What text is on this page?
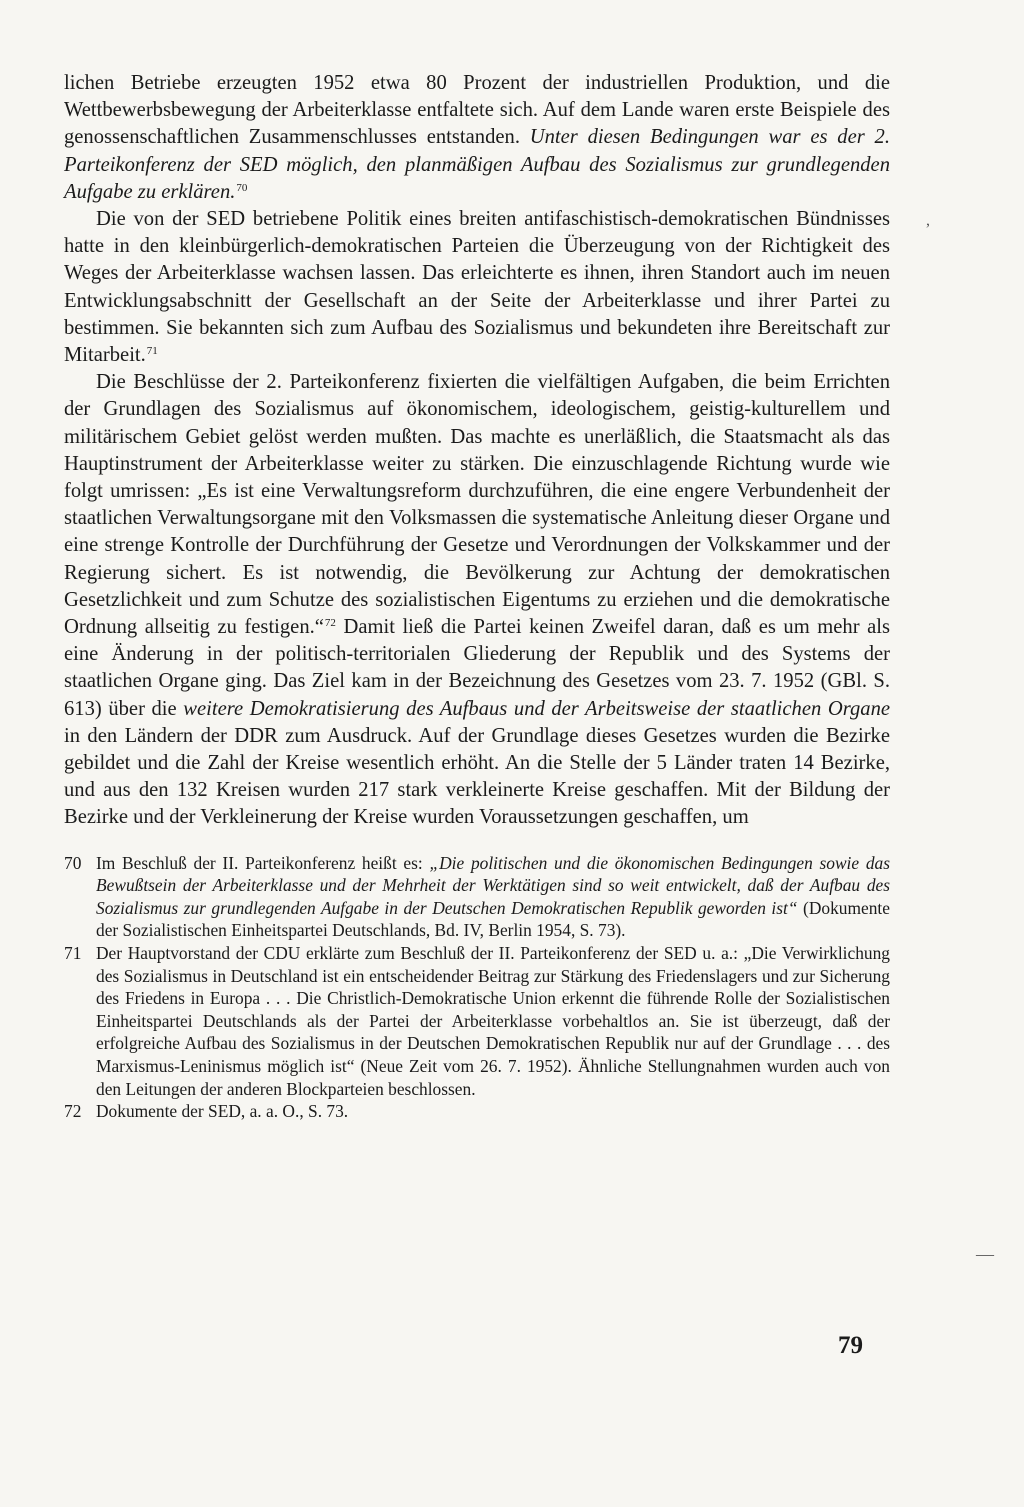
lichen Betriebe erzeugten 1952 etwa 80 Prozent der industriellen Produktion, und die Wettbewerbsbewegung der Arbeiterklasse entfaltete sich. Auf dem Lande waren erste Beispiele des genossenschaftlichen Zusammenschlusses entstanden. Unter diesen Bedingungen war es der 2. Parteikonferenz der SED möglich, den planmäßigen Aufbau des Sozialismus zur grundlegenden Aufgabe zu erklären.$^{70}$

Die von der SED betriebene Politik eines breiten antifaschistisch-demokratischen Bündnisses hatte in den kleinbürgerlich-demokratischen Parteien die Überzeugung von der Richtigkeit des Weges der Arbeiterklasse wachsen lassen. Das erleichterte es ihnen, ihren Standort auch im neuen Entwicklungsabschnitt der Gesellschaft an der Seite der Arbeiterklasse und ihrer Partei zu bestimmen. Sie bekannten sich zum Aufbau des Sozialismus und bekundeten ihre Bereitschaft zur Mitarbeit.$^{71}$

Die Beschlüsse der 2. Parteikonferenz fixierten die vielfältigen Aufgaben, die beim Errichten der Grundlagen des Sozialismus auf ökonomischem, ideologischem, geistig-kulturellem und militärischem Gebiet gelöst werden mußten. Das machte es unerläßlich, die Staatsmacht als das Hauptinstrument der Arbeiterklasse weiter zu stärken. Die einzuschlagende Richtung wurde wie folgt umrissen: „Es ist eine Verwaltungsreform durchzuführen, die eine engere Verbundenheit der staatlichen Verwaltungsorgane mit den Volksmassen die systematische Anleitung dieser Organe und eine strenge Kontrolle der Durchführung der Gesetze und Verordnungen der Volkskammer und der Regierung sichert. Es ist notwendig, die Bevölkerung zur Achtung der demokratischen Gesetzlichkeit und zum Schutze des sozialistischen Eigentums zu erziehen und die demokratische Ordnung allseitig zu festigen.“$^{72}$ Damit ließ die Partei keinen Zweifel daran, daß es um mehr als eine Änderung in der politisch-territorialen Gliederung der Republik und des Systems der staatlichen Organe ging. Das Ziel kam in der Bezeichnung des Gesetzes vom 23. 7. 1952 (GBl. S. 613) über die weitere Demokratisierung des Aufbaus und der Arbeitsweise der staatlichen Organe in den Ländern der DDR zum Ausdruck. Auf der Grundlage dieses Gesetzes wurden die Bezirke gebildet und die Zahl der Kreise wesentlich erhöht. An die Stelle der 5 Länder traten 14 Bezirke, und aus den 132 Kreisen wurden 217 stark verkleinerte Kreise geschaffen. Mit der Bildung der Bezirke und der Verkleinerung der Kreise wurden Voraussetzungen geschaffen, um

70 Im Beschluß der II. Parteikonferenz heißt es: „Die politischen und die ökonomischen Bedingungen sowie das Bewußtsein der Arbeiterklasse und der Mehrheit der Werktätigen sind so weit entwickelt, daß der Aufbau des Sozialismus zur grundlegenden Aufgabe in der Deutschen Demokratischen Republik geworden ist“ (Dokumente der Sozialistischen Einheitspartei Deutschlands, Bd. IV, Berlin 1954, S. 73).
71 Der Hauptvorstand der CDU erklärte zum Beschluß der II. Parteikonferenz der SED u. a.: „Die Verwirklichung des Sozialismus in Deutschland ist ein entscheidender Beitrag zur Stärkung des Friedenslagers und zur Sicherung des Friedens in Europa . . . Die Christlich-Demokratische Union erkennt die führende Rolle der Sozialistischen Einheitspartei Deutschlands als der Partei der Arbeiterklasse vorbehaltlos an. Sie ist überzeugt, daß der erfolgreiche Aufbau des Sozialismus in der Deutschen Demokratischen Republik nur auf der Grundlage . . . des Marxismus-Leninismus möglich ist“ (Neue Zeit vom 26. 7. 1952). Ähnliche Stellungnahmen wurden auch von den Leitungen der anderen Blockparteien beschlossen.
72 Dokumente der SED, a. a. O., S. 73.
79
,
—
